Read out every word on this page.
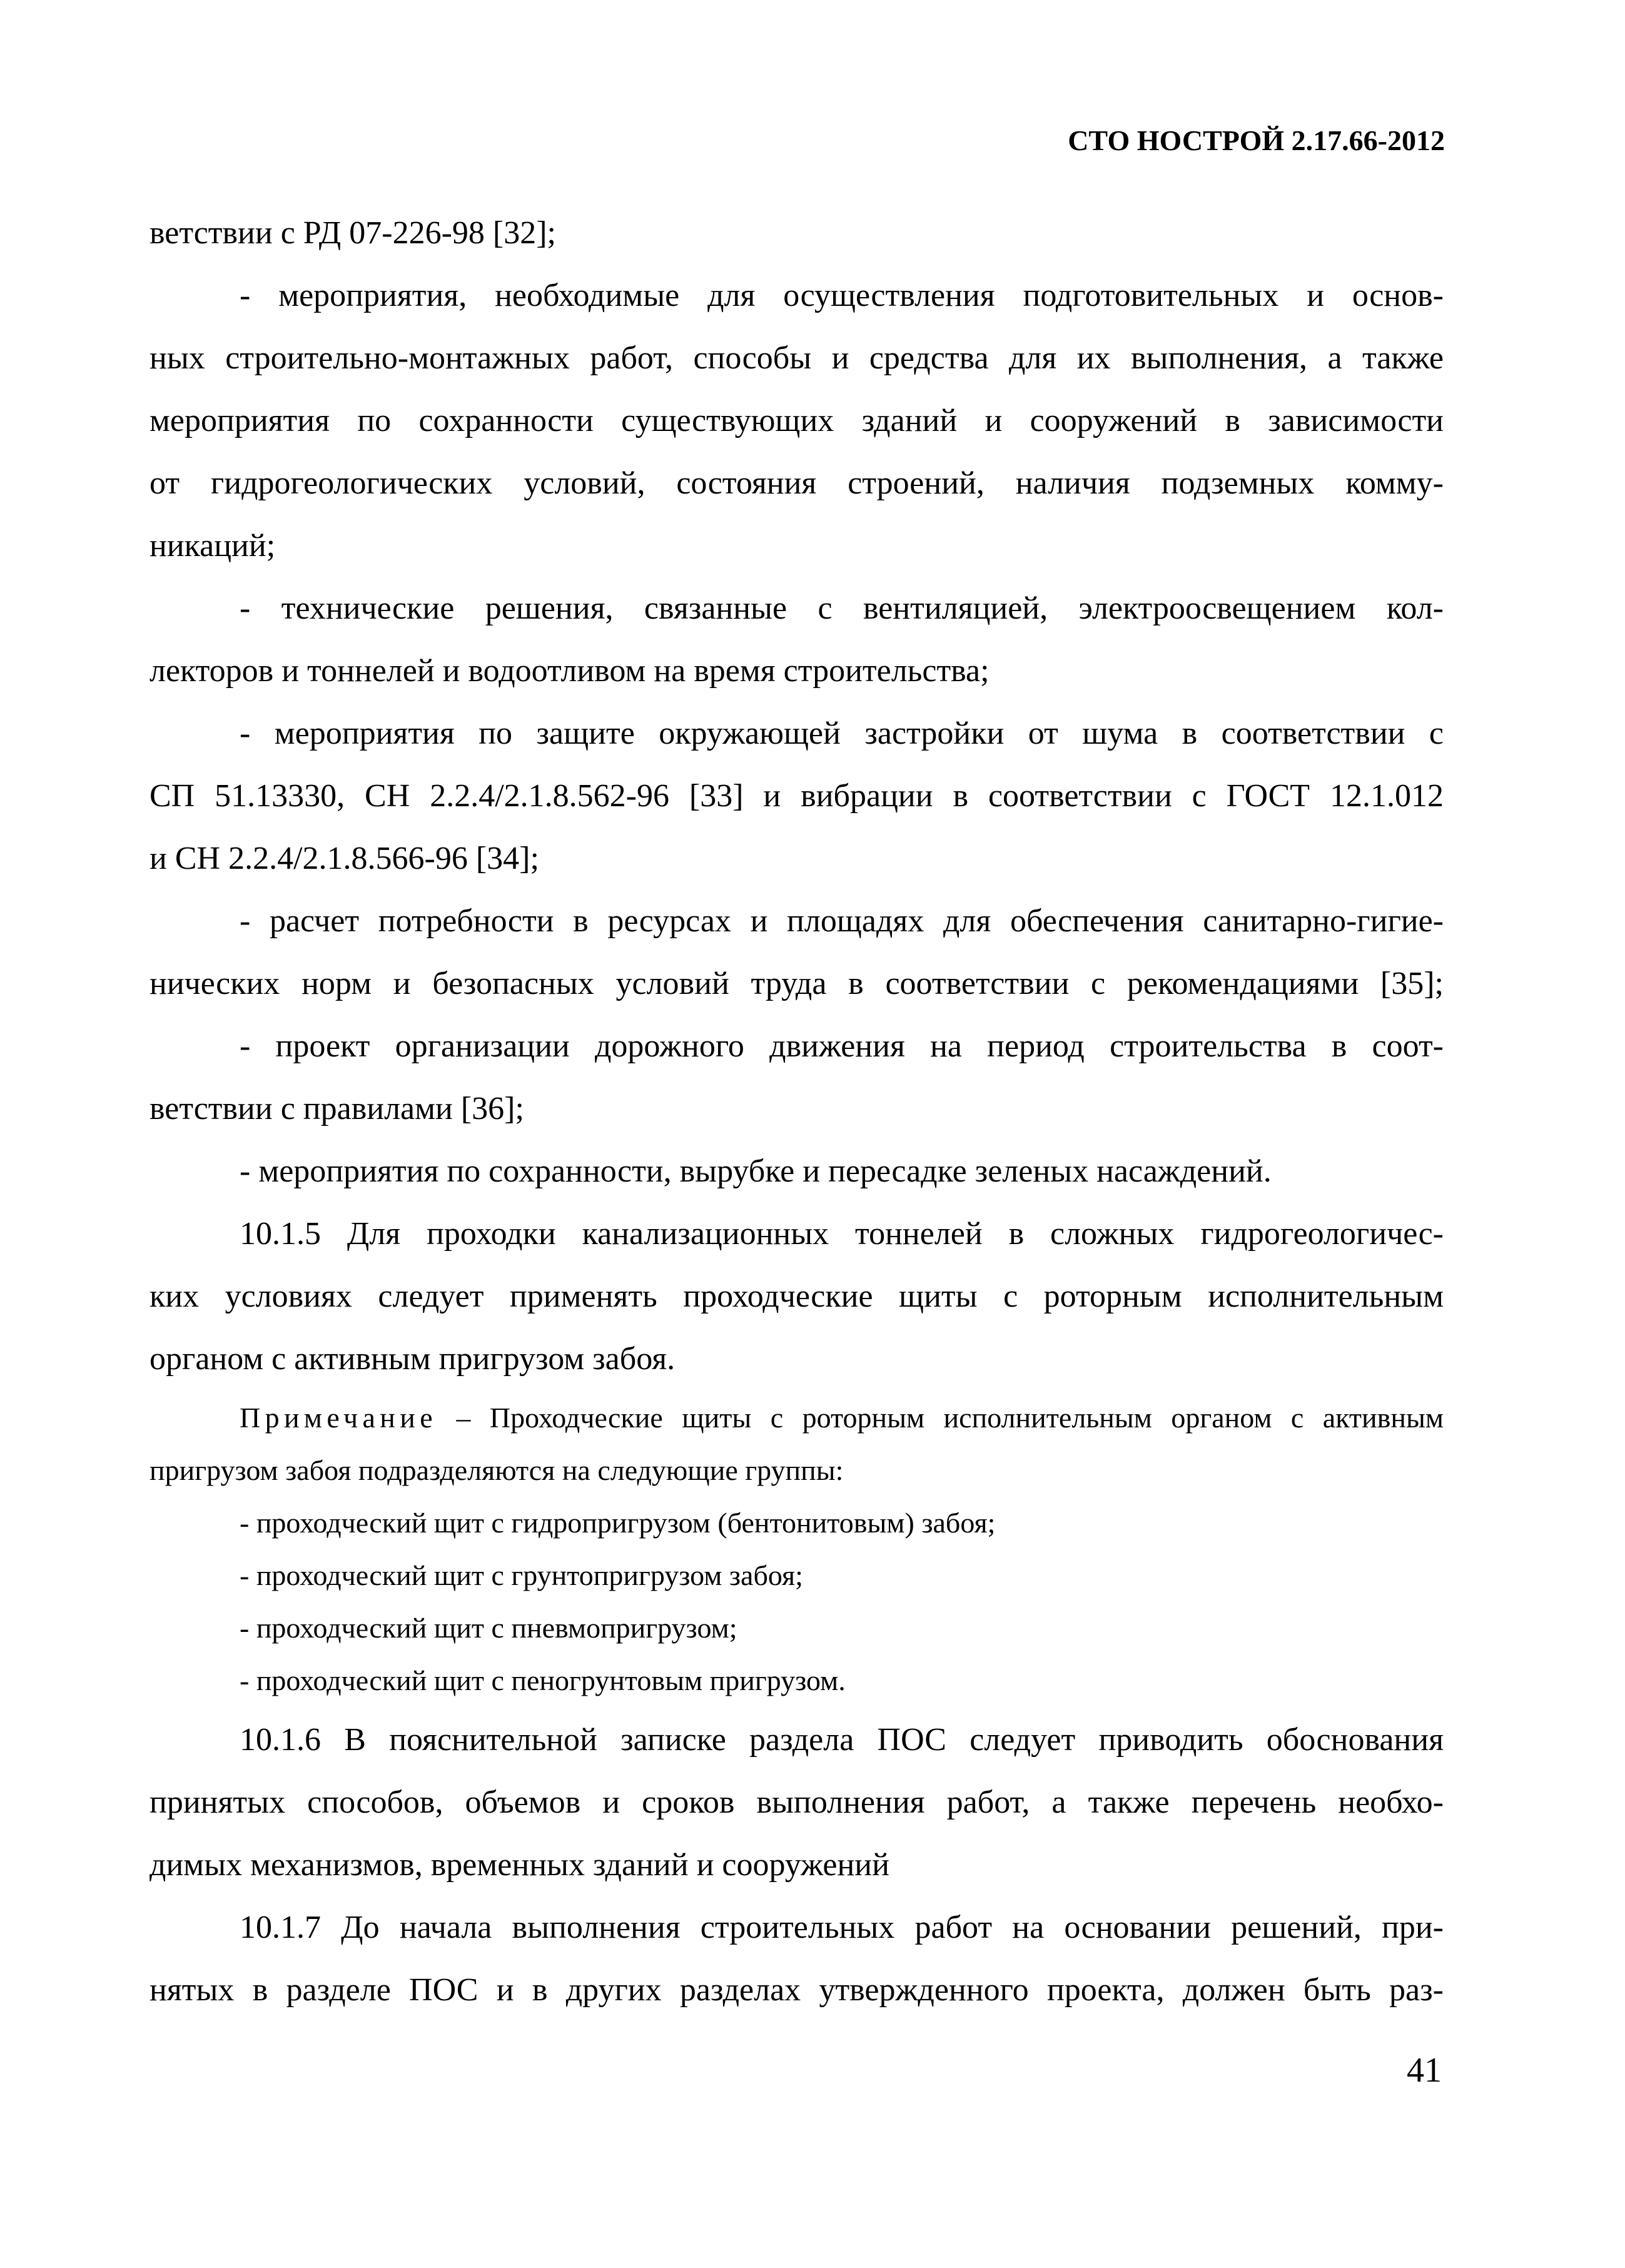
СТО НОСТРОЙ 2.17.66-2012
ветствии с РД 07-226-98 [32];
- мероприятия, необходимые для осуществления подготовительных и основ-
ных строительно-монтажных работ, способы и средства для их выполнения, а также
мероприятия по сохранности существующих зданий и сооружений в зависимости
от гидрогеологических условий, состояния строений, наличия подземных комму-
никаций;
- технические решения, связанные с вентиляцией, электроосвещением кол-
лекторов и тоннелей и водоотливом на время строительства;
- мероприятия по защите окружающей застройки от шума в соответствии с
СП 51.13330, СН 2.2.4/2.1.8.562-96 [33] и вибрации в соответствии с ГОСТ 12.1.012
и СН 2.2.4/2.1.8.566-96 [34];
- расчет потребности в ресурсах и площадях для обеспечения санитарно-гигие-
нических норм и безопасных условий труда в соответствии с рекомендациями [35];
- проект организации дорожного движения на период строительства в соот-
ветствии с правилами [36];
- мероприятия по сохранности, вырубке и пересадке зеленых насаждений.
10.1.5 Для проходки канализационных тоннелей в сложных гидрогеологичес-
ких условиях следует применять проходческие щиты с роторным исполнительным
органом с активным пригрузом забоя.
Примечание – Проходческие щиты с роторным исполнительным органом с активным
пригрузом забоя подразделяются на следующие группы:
- проходческий щит с гидропригрузом (бентонитовым) забоя;
- проходческий щит с грунтопригрузом забоя;
- проходческий щит с пневмопригрузом;
- проходческий щит с пеногрунтовым пригрузом.
10.1.6 В пояснительной записке раздела ПОС следует приводить обоснования
принятых способов, объемов и сроков выполнения работ, а также перечень необхо-
димых механизмов, временных зданий и сооружений
10.1.7 До начала выполнения строительных работ на основании решений, при-
нятых в разделе ПОС и в других разделах утвержденного проекта, должен быть раз-
41
